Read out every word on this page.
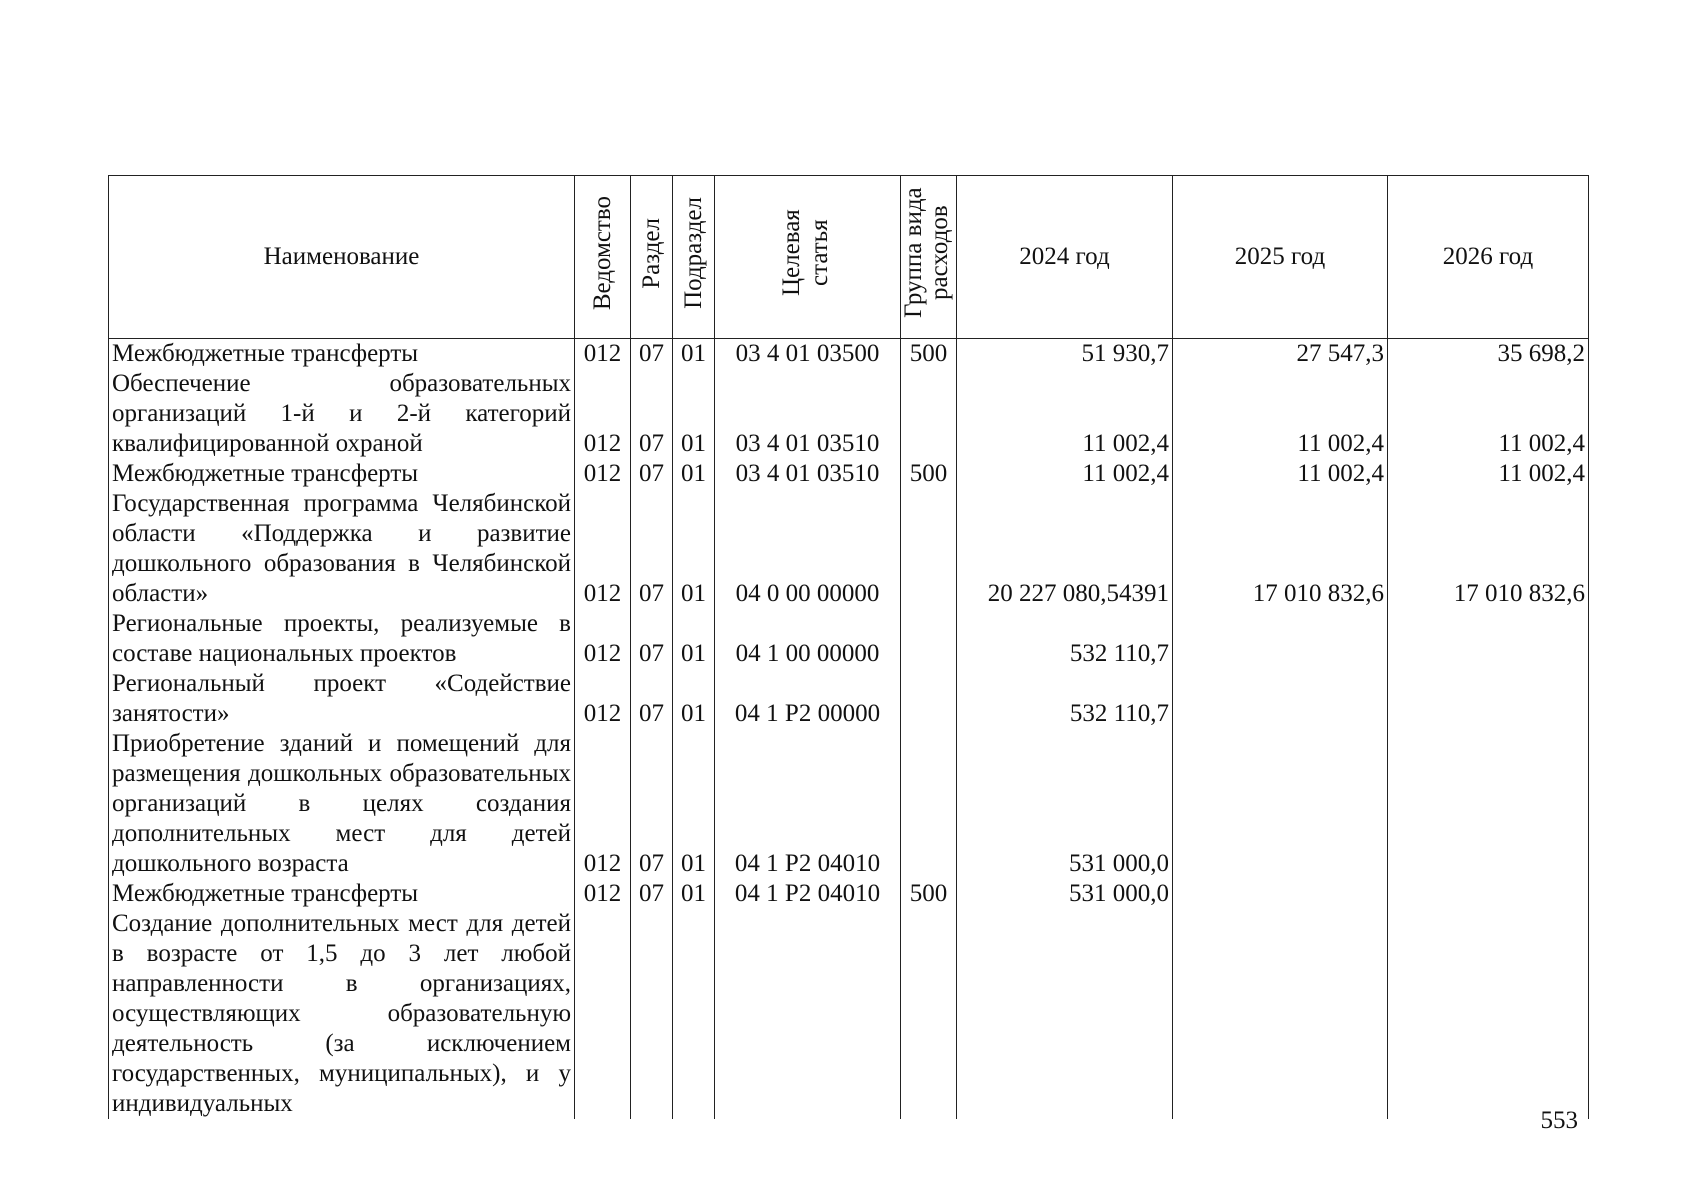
Наименование	Ведомство	Раздел	Подраздел	Целевая статья	Группа вида расходов	2024 год	2025 год	2026 год
Межбюджетные трансферты	012	07	01	03 4 01 03500	500	51 930,7	27 547,3	35 698,2
Обеспечение образовательных организаций 1-й и 2-й категорий квалифицированной охраной	012	07	01	03 4 01 03510		11 002,4	11 002,4	11 002,4
Межбюджетные трансферты	012	07	01	03 4 01 03510	500	11 002,4	11 002,4	11 002,4
Государственная программа Челябинской области «Поддержка и развитие дошкольного образования в Челябинской области»	012	07	01	04 0 00 00000		20 227 080,54391	17 010 832,6	17 010 832,6
Региональные проекты, реализуемые в составе национальных проектов	012	07	01	04 1 00 00000		532 110,7		
Региональный проект «Содействие занятости»	012	07	01	04 1 P2 00000		532 110,7		
Приобретение зданий и помещений для размещения дошкольных образовательных организаций в целях создания дополнительных мест для детей дошкольного возраста	012	07	01	04 1 P2 04010		531 000,0		
Межбюджетные трансферты	012	07	01	04 1 P2 04010	500	531 000,0		
Создание дополнительных мест для детей в возрасте от 1,5 до 3 лет любой направленности в организациях, осуществляющих образовательную деятельность (за исключением государственных, муниципальных), и у индивидуальных								
553
